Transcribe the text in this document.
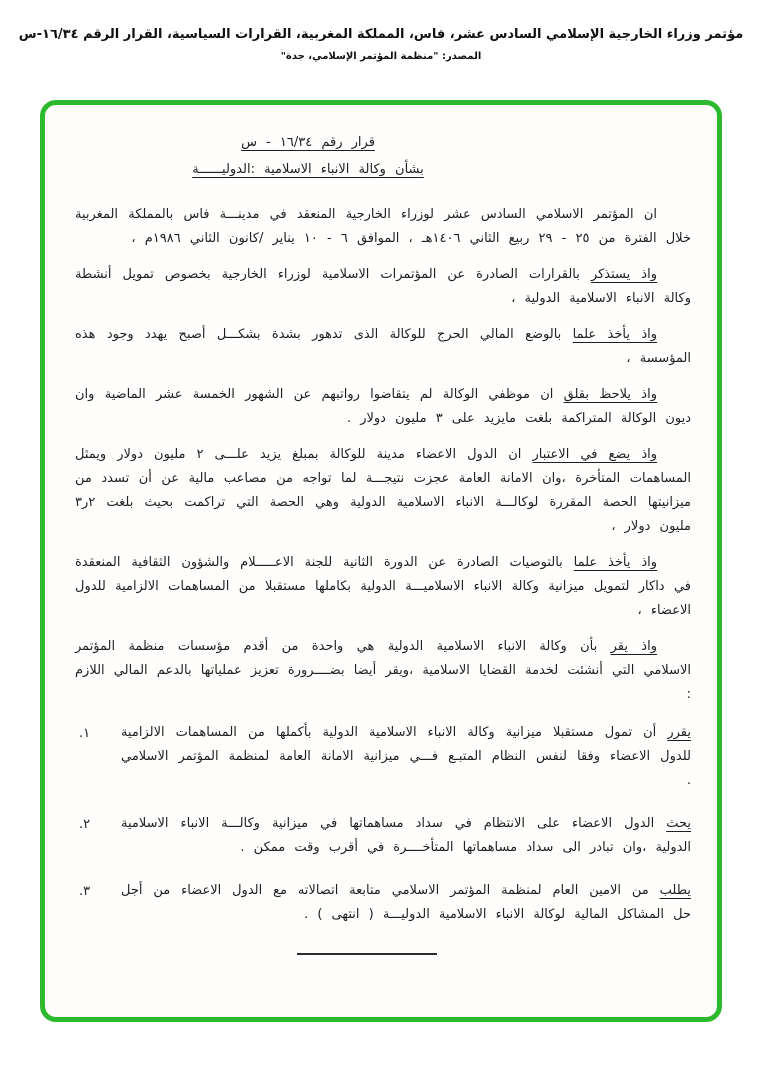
مؤتمر وزراء الخارجية الإسلامي السادس عشر، فاس، المملكة المغربية، القرارات السياسية، القرار الرقم ١٦/٣٤-س
المصدر: "منظمة المؤتمر الإسلامي، جدة"
قرار رقم ١٦/٣٤ - س
بشأن وكالة الانباء الاسلامية :الدوليــــــة

ان المؤتمر الاسلامي السادس عشر لوزراء الخارجية المنعقد في مدينـــة فاس بالمملكة المغربية خلال الفترة من ٢٥ - ٢٩ ربيع الثاني ١٤٠٦هـ ، الموافق ٦ - ١٠ يناير /كانون الثاني ١٩٨٦م ،

واذ يستذكر بالقرارات الصادرة عن المؤتمرات الاسلامية لوزراء الخارجية بخصوص تمويل أنشطة وكالة الانباء الاسلامية الدولية ،

واذ يأخذ علما بالوضع المالي الحرج للوكالة الذى تدهور بشدة بشكـــل أصبح يهدد وجود هذه المؤسسة ،

واذ يلاحظ بقلق ان موظفي الوكالة لم يتقاضوا رواتبهم عن الشهور الخمسة عشر الماضية وان ديون الوكالة المتراكمة بلغت مايزيد على ٣ مليون دولار .

واذ يضع في الاعتبار ان الدول الاعضاء مدينة للوكالة بمبلغ يزيد علـــى ٢ مليون دولار ويمثل المساهمات المتأخرة ،وان الامانة العامة عجزت نتيجـــة لما تواجه من مصاعب مالية عن أن تسدد من ميزانيتها الحصة المقررة لوكالـــة الانباء الاسلامية الدولية وهي الحصة التي تراكمت بحيث بلغت ٢ر٣ مليون دولار ،

واذ يأخذ علما بالتوصيات الصادرة عن الدورة الثانية للجنة الاعـــــلام والشؤون الثقافية المنعقدة في داكار لتمويل ميزانية وكالة الانباء الاسلاميـــة الدولية بكاملها مستقبلا من المساهمات الالزامية للدول الاعضاء ،

واذ يقر بأن وكالة الانباء الاسلامية الدولية هي واحدة من أقدم مؤسسات منظمة المؤتمر الاسلامي التي أنشئت لخدمة القضايا الاسلامية ،ويقر أيضا بضــــرورة تعزيز عملياتها بالدعم المالي اللازم :

١.	يقرر أن تمول مستقبلا ميزانية وكالة الانباء الاسلامية الدولية بأكملها من المساهمات الالزامية للدول الاعضاء وفقا لنفس النظام المتبـع فـــي ميزانية الامانة العامة لمنظمة المؤتمر الاسلامي .

٢.	يحث الدول الاعضاء على الانتظام في سداد مساهماتها في ميزانية وكالـــة الانباء الاسلامية الدولية ،وان تبادر الى سداد مساهماتها المتأخــــرة في أقرب وقت ممكن .

٣.	يطلب من الامين العام لمنظمة المؤتمر الاسلامي متابعة اتصالاته مع الدول الاعضاء من أجل حل المشاكل المالية لوكالة الانباء الاسلامية الدوليـــة ( انتهى ) .
